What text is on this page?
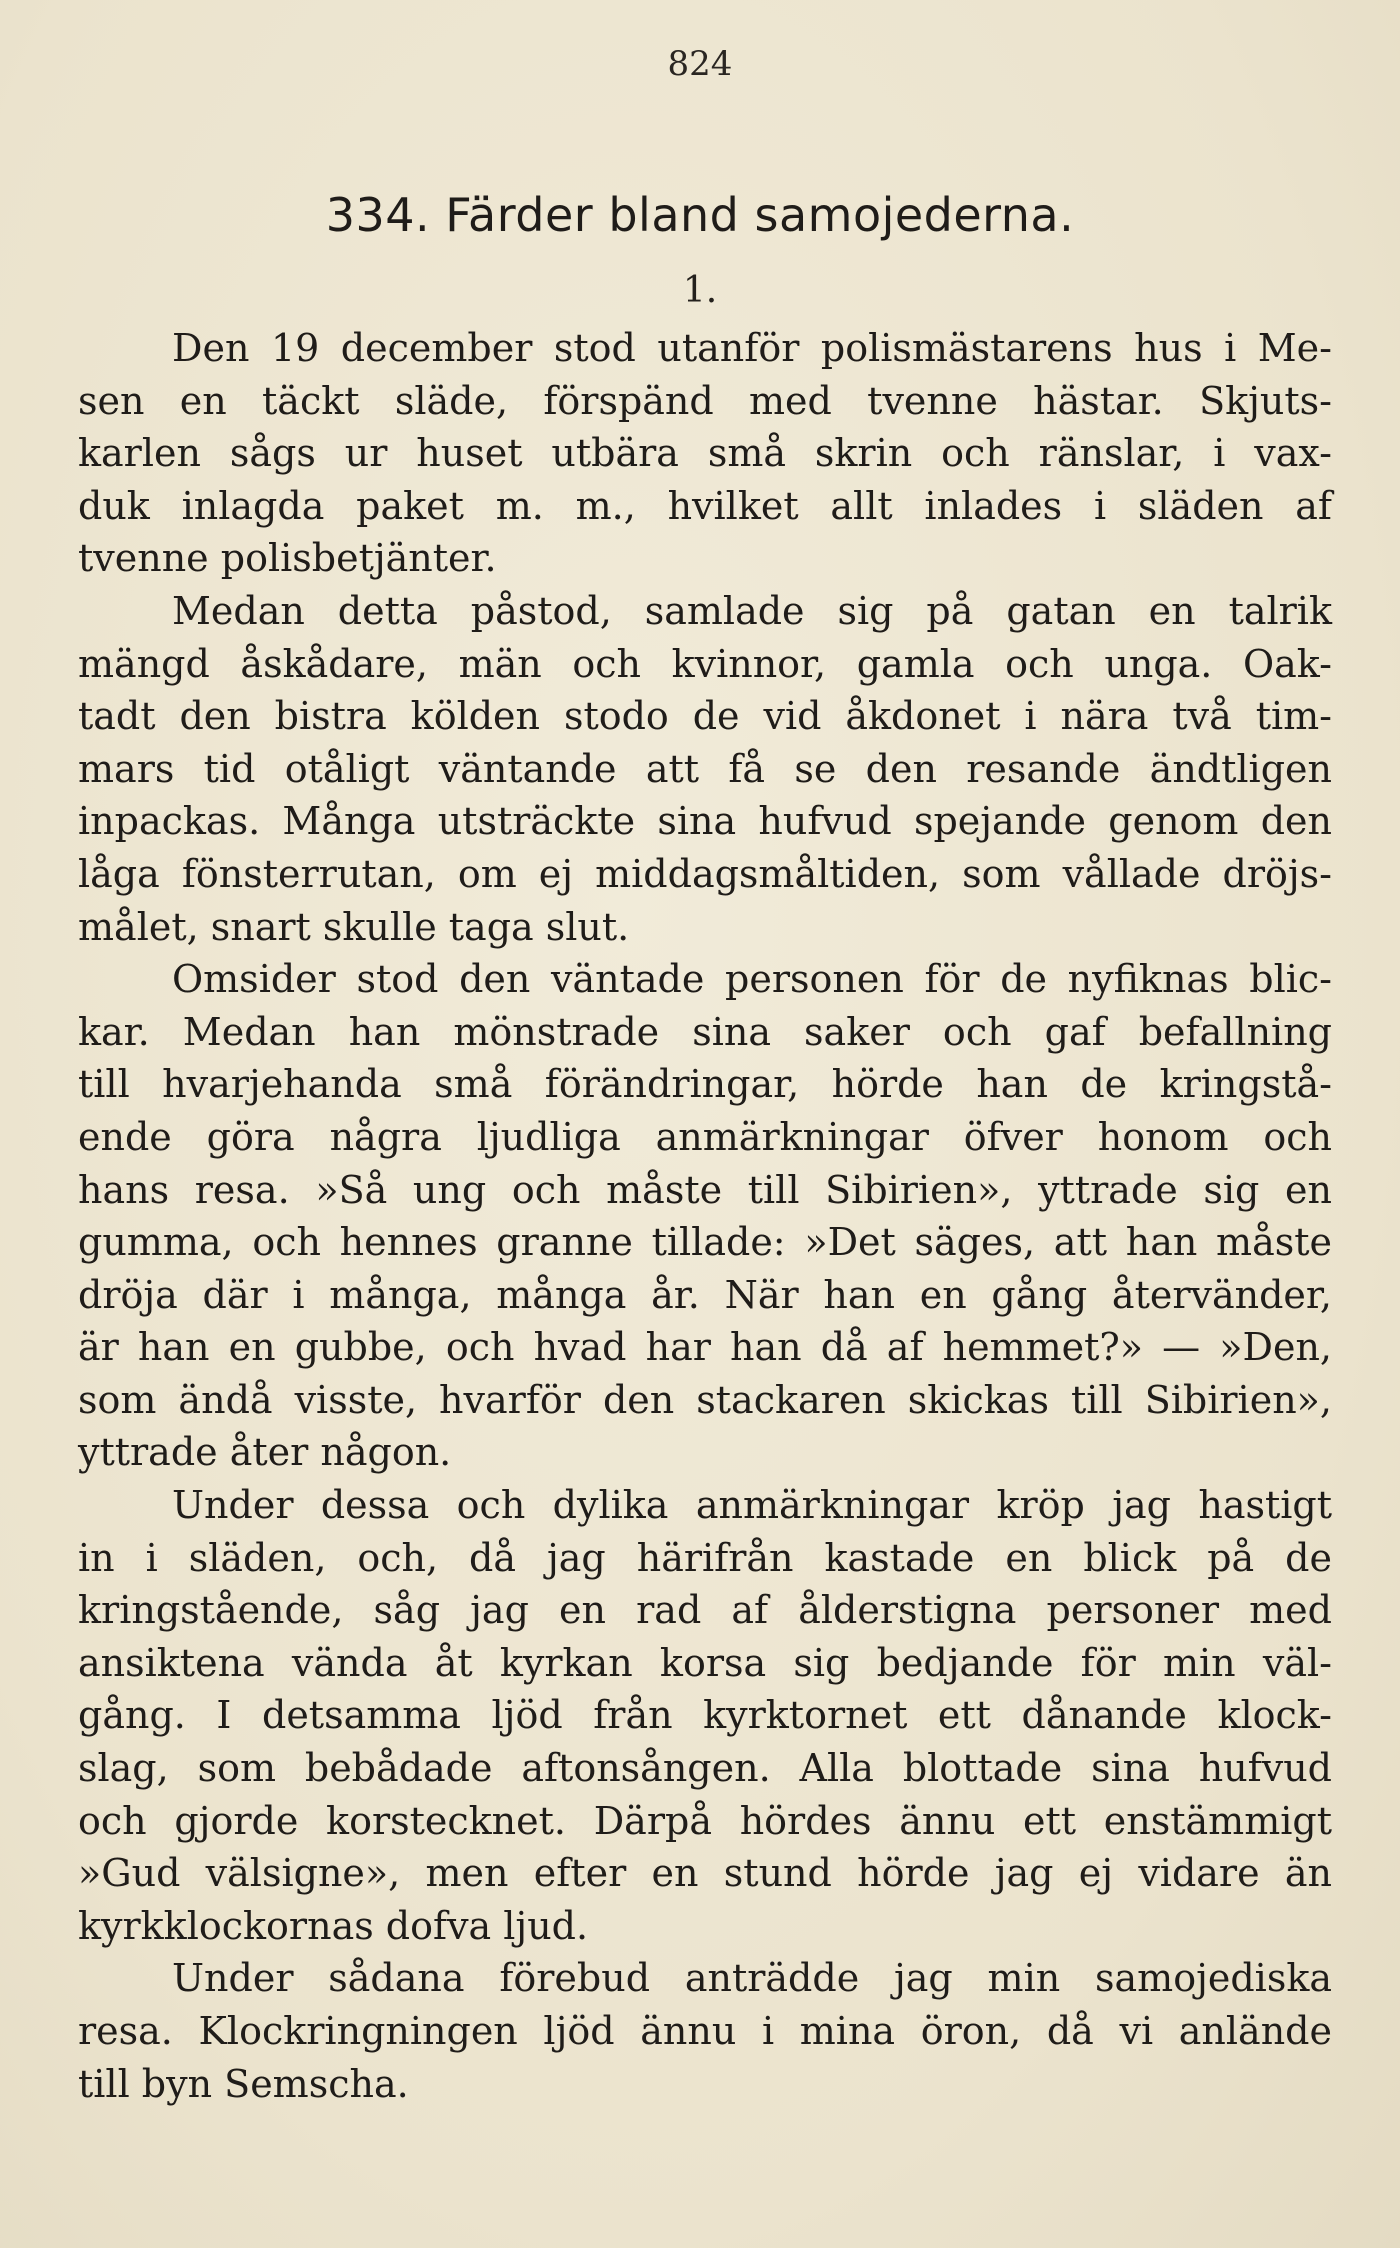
824
334. Färder bland samojederna.
1.

Den 19 december stod utanför polismästarens hus i Me-
sen en täckt släde, förspänd med tvenne hästar. Skjuts-
karlen sågs ur huset utbära små skrin och ränslar, i vax-
duk inlagda paket m. m., hvilket allt inlades i släden af
tvenne polisbetjänter.

Medan detta påstod, samlade sig på gatan en talrik
mängd åskådare, män och kvinnor, gamla och unga. Oak-
tadt den bistra kölden stodo de vid åkdonet i nära två tim-
mars tid otåligt väntande att få se den resande ändtligen
inpackas. Många utsträckte sina hufvud spejande genom den
låga fönsterrutan, om ej middagsmåltiden, som vållade dröjs-
målet, snart skulle taga slut.

Omsider stod den väntade personen för de nyfiknas blic-
kar. Medan han mönstrade sina saker och gaf befallning
till hvarjehanda små förändringar, hörde han de kringstå-
ende göra några ljudliga anmärkningar öfver honom och
hans resa. »Så ung och måste till Sibirien», yttrade sig en
gumma, och hennes granne tillade: »Det säges, att han måste
dröja där i många, många år. När han en gång återvänder,
är han en gubbe, och hvad har han då af hemmet?» — »Den,
som ändå visste, hvarför den stackaren skickas till Sibirien»,
yttrade åter någon.

Under dessa och dylika anmärkningar kröp jag hastigt
in i släden, och, då jag härifrån kastade en blick på de
kringstående, såg jag en rad af ålderstigna personer med
ansiktena vända åt kyrkan korsa sig bedjande för min väl-
gång. I detsamma ljöd från kyrktornet ett dånande klock-
slag, som bebådade aftonsången. Alla blottade sina hufvud
och gjorde korstecknet. Därpå hördes ännu ett enstämmigt
»Gud välsigne», men efter en stund hörde jag ej vidare än
kyrkklockornas dofva ljud.

Under sådana förebud anträdde jag min samojediska
resa. Klockringningen ljöd ännu i mina öron, då vi anlände
till byn Semscha.
